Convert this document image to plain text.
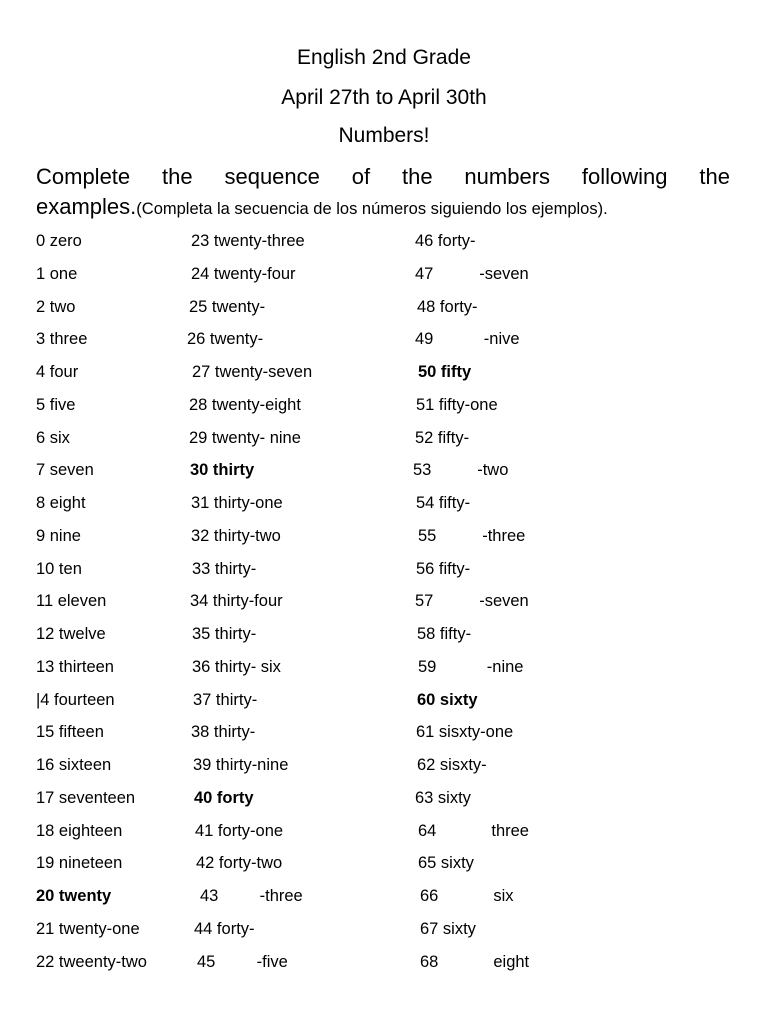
English 2nd Grade
April 27th to April 30th
Numbers!
Complete the sequence of the numbers following the
examples.(Completa la secuencia de los números siguiendo los ejemplos).
0 zero	23 twenty-three	46 forty-
1 one	24 twenty-four	47          -seven
2 two	25 twenty-	48 forty-
3 three	26 twenty-	49           -nive
4 four	27 twenty-seven	50 fifty
5 five	28 twenty-eight	51 fifty-one
6 six	29 twenty- nine	52 fifty-
7 seven	30 thirty	53          -two
8 eight	31 thirty-one	54 fifty-
9 nine	32 thirty-two	55          -three
10 ten	33 thirty-	56 fifty-
11 eleven	34 thirty-four	57          -seven
12 twelve	35 thirty-	58 fifty-
13 thirteen	36 thirty- six	59           -nine
|4 fourteen	37 thirty-	60 sixty
15 fifteen	38 thirty-	61 sisxty-one
16 sixteen	39 thirty-nine	62 sisxty-
17 seventeen	40 forty	63 sixty
18 eighteen	41 forty-one	64            three
19 nineteen	42 forty-two	65 sixty
20 twenty	43         -three	66            six
21 twenty-one	44 forty-	67 sixty
22 tweenty-two	45         -five	68            eight
